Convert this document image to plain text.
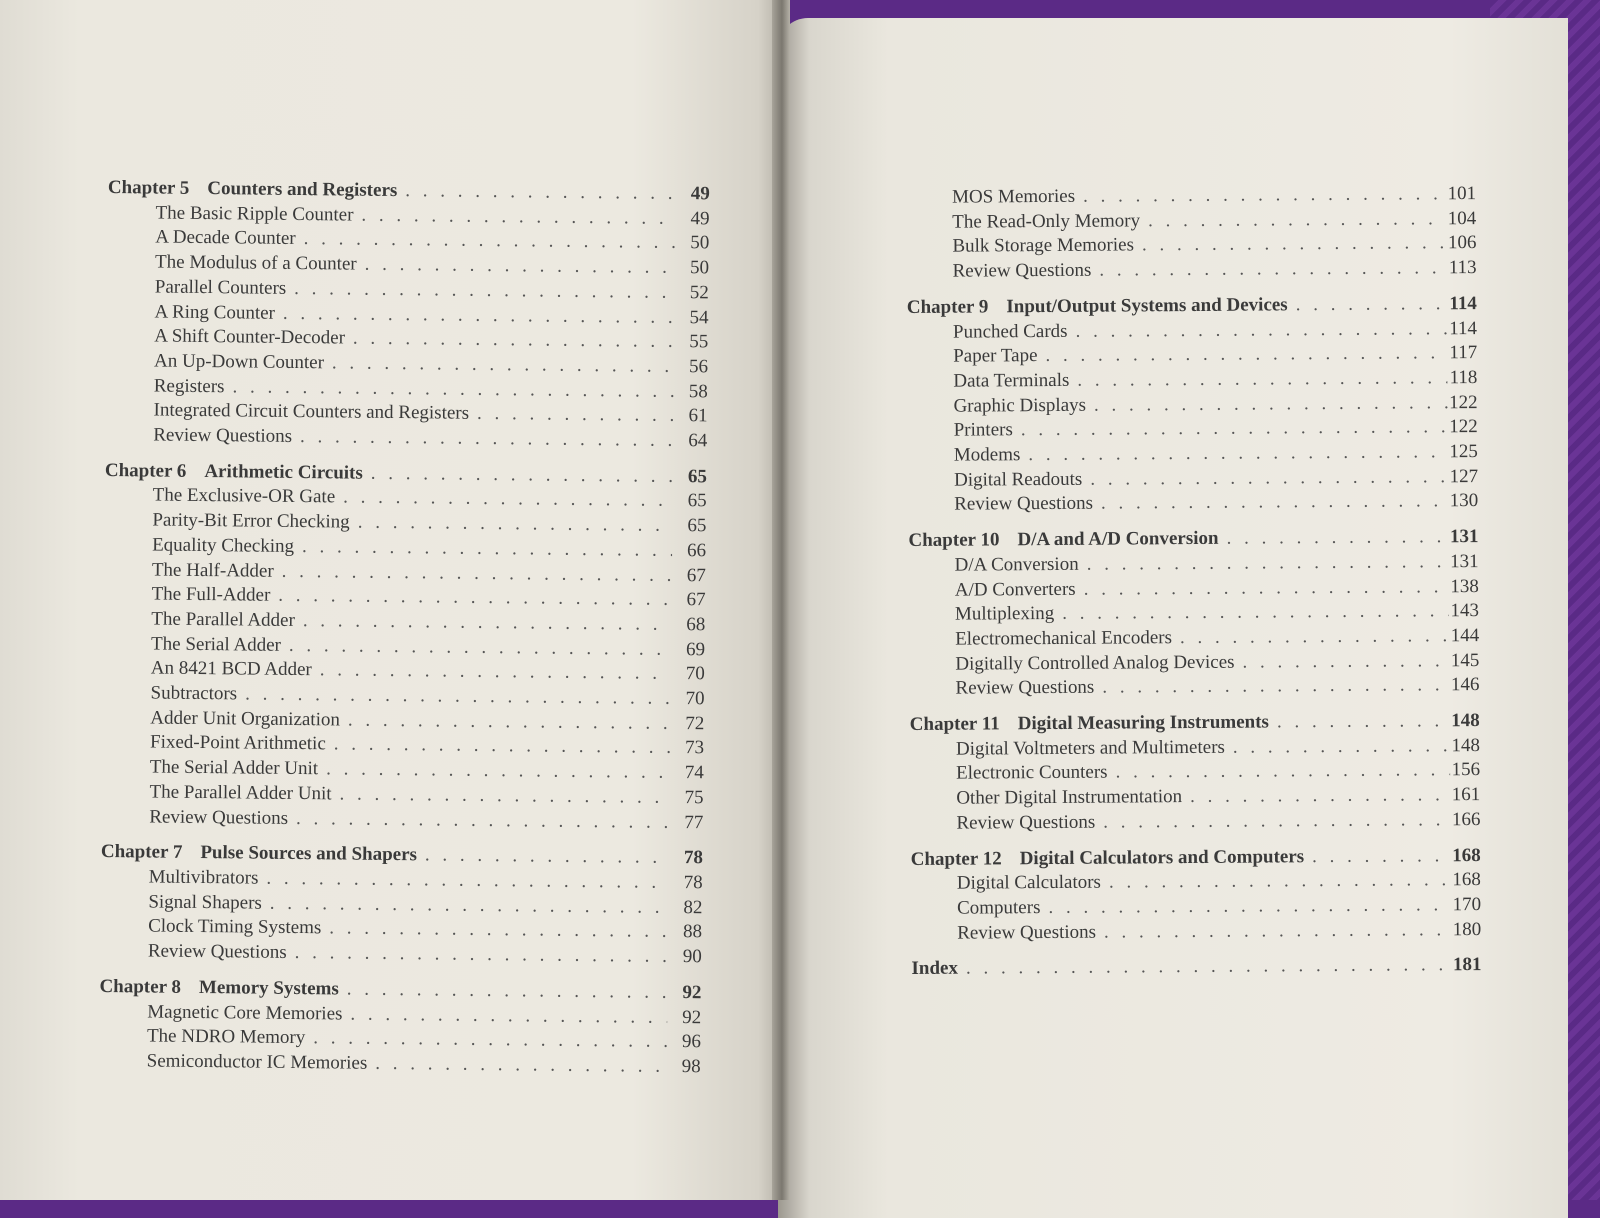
Chapter 5 Counters and Registers . . .	49
The Basic Ripple Counter . . .	49
A Decade Counter . . .	50
The Modulus of a Counter . . .	50
Parallel Counters . . .	52
A Ring Counter . . .	54
A Shift Counter-Decoder . . .	55
An Up-Down Counter . . .	56
Registers . . .	58
Integrated Circuit Counters and Registers . . .	61
Review Questions . . .	64
Chapter 6 Arithmetic Circuits . . .	65
The Exclusive-OR Gate . . .	65
Parity-Bit Error Checking . . .	65
Equality Checking . . .	66
The Half-Adder . . .	67
The Full-Adder . . .	67
The Parallel Adder . . .	68
The Serial Adder . . .	69
An 8421 BCD Adder . . .	70
Subtractors . . .	70
Adder Unit Organization . . .	72
Fixed-Point Arithmetic . . .	73
The Serial Adder Unit . . .	74
The Parallel Adder Unit . . .	75
Review Questions . . .	77
Chapter 7 Pulse Sources and Shapers . . .	78
Multivibrators . . .	78
Signal Shapers . . .	82
Clock Timing Systems . . .	88
Review Questions . . .	90
Chapter 8 Memory Systems . . .	92
Magnetic Core Memories . . .	92
The NDRO Memory . . .	96
Semiconductor IC Memories . . .	98
MOS Memories . . .	101
The Read-Only Memory . . .	104
Bulk Storage Memories . . .	106
Review Questions . . .	113
Chapter 9 Input/Output Systems and Devices . . .	114
Punched Cards . . .	114
Paper Tape . . .	117
Data Terminals . . .	118
Graphic Displays . . .	122
Printers . . .	122
Modems . . .	125
Digital Readouts . . .	127
Review Questions . . .	130
Chapter 10 D/A and A/D Conversion . . .	131
D/A Conversion . . .	131
A/D Converters . . .	138
Multiplexing . . .	143
Electromechanical Encoders . . .	144
Digitally Controlled Analog Devices . . .	145
Review Questions . . .	146
Chapter 11 Digital Measuring Instruments . . .	148
Digital Voltmeters and Multimeters . . .	148
Electronic Counters . . .	156
Other Digital Instrumentation . . .	161
Review Questions . . .	166
Chapter 12 Digital Calculators and Computers . . .	168
Digital Calculators . . .	168
Computers . . .	170
Review Questions . . .	180
Index . . .	181
